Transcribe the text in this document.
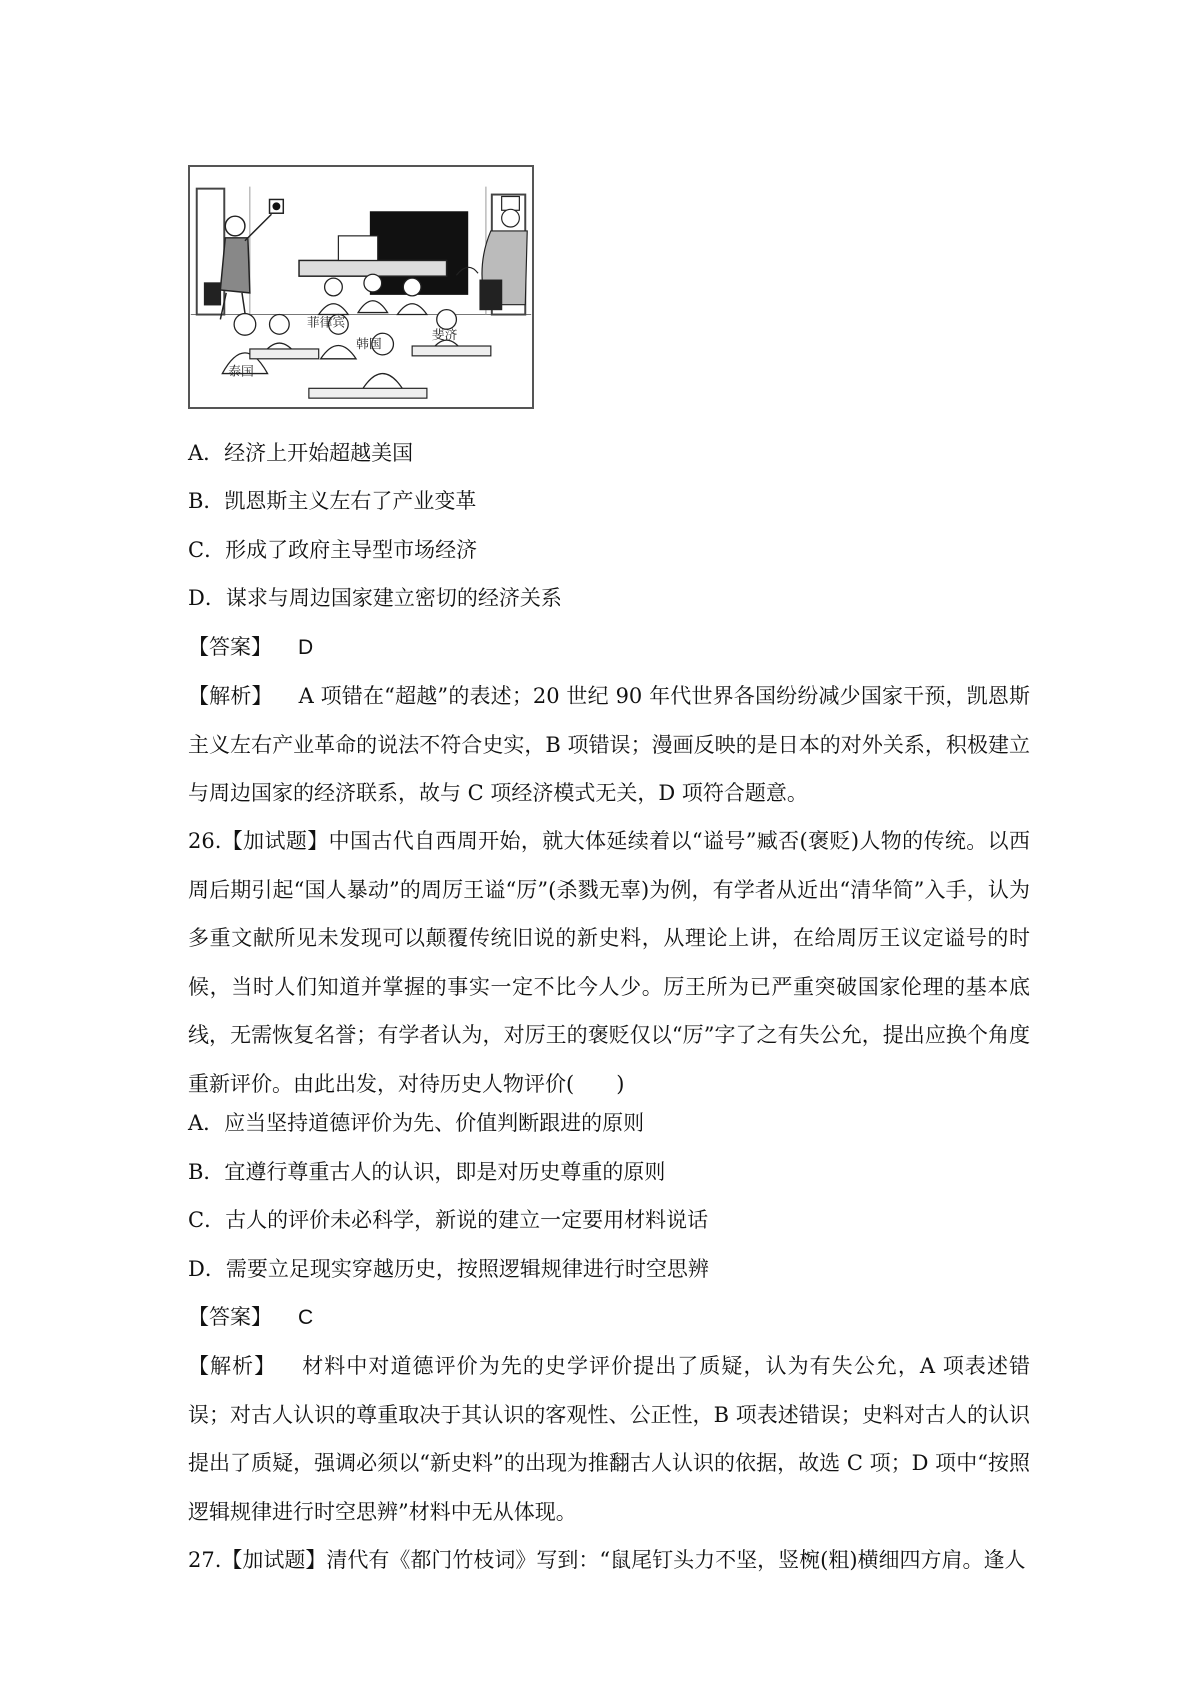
菲律宾
韩国
斐济
泰国
A．经济上开始超越美国
B．凯恩斯主义左右了产业变革
C．形成了政府主导型市场经济
D．谋求与周边国家建立密切的经济关系
【答案】 D
【解析】 A 项错在“超越”的表述；20 世纪 90 年代世界各国纷纷减少国家干预，凯恩斯主义左右产业革命的说法不符合史实，B 项错误；漫画反映的是日本的对外关系，积极建立与周边国家的经济联系，故与 C 项经济模式无关，D 项符合题意。
26.【加试题】中国古代自西周开始，就大体延续着以“谥号”臧否(褒贬)人物的传统。以西周后期引起“国人暴动”的周厉王谥“厉”(杀戮无辜)为例，有学者从近出“清华简”入手，认为多重文献所见未发现可以颠覆传统旧说的新史料，从理论上讲，在给周厉王议定谥号的时候，当时人们知道并掌握的事实一定不比今人少。厉王所为已严重突破国家伦理的基本底线，无需恢复名誉；有学者认为，对厉王的褒贬仅以“厉”字了之有失公允，提出应换个角度重新评价。由此出发，对待历史人物评价(　　)
A．应当坚持道德评价为先、价值判断跟进的原则
B．宜遵行尊重古人的认识，即是对历史尊重的原则
C．古人的评价未必科学，新说的建立一定要用材料说话
D．需要立足现实穿越历史，按照逻辑规律进行时空思辨
【答案】 C
【解析】 材料中对道德评价为先的史学评价提出了质疑，认为有失公允，A 项表述错误；对古人认识的尊重取决于其认识的客观性、公正性，B 项表述错误；史料对古人的认识提出了质疑，强调必须以“新史料”的出现为推翻古人认识的依据，故选 C 项；D 项中“按照逻辑规律进行时空思辨”材料中无从体现。
27.【加试题】清代有《都门竹枝词》写到：“鼠尾钉头力不坚，竖椀(粗)横细四方肩。逢人
